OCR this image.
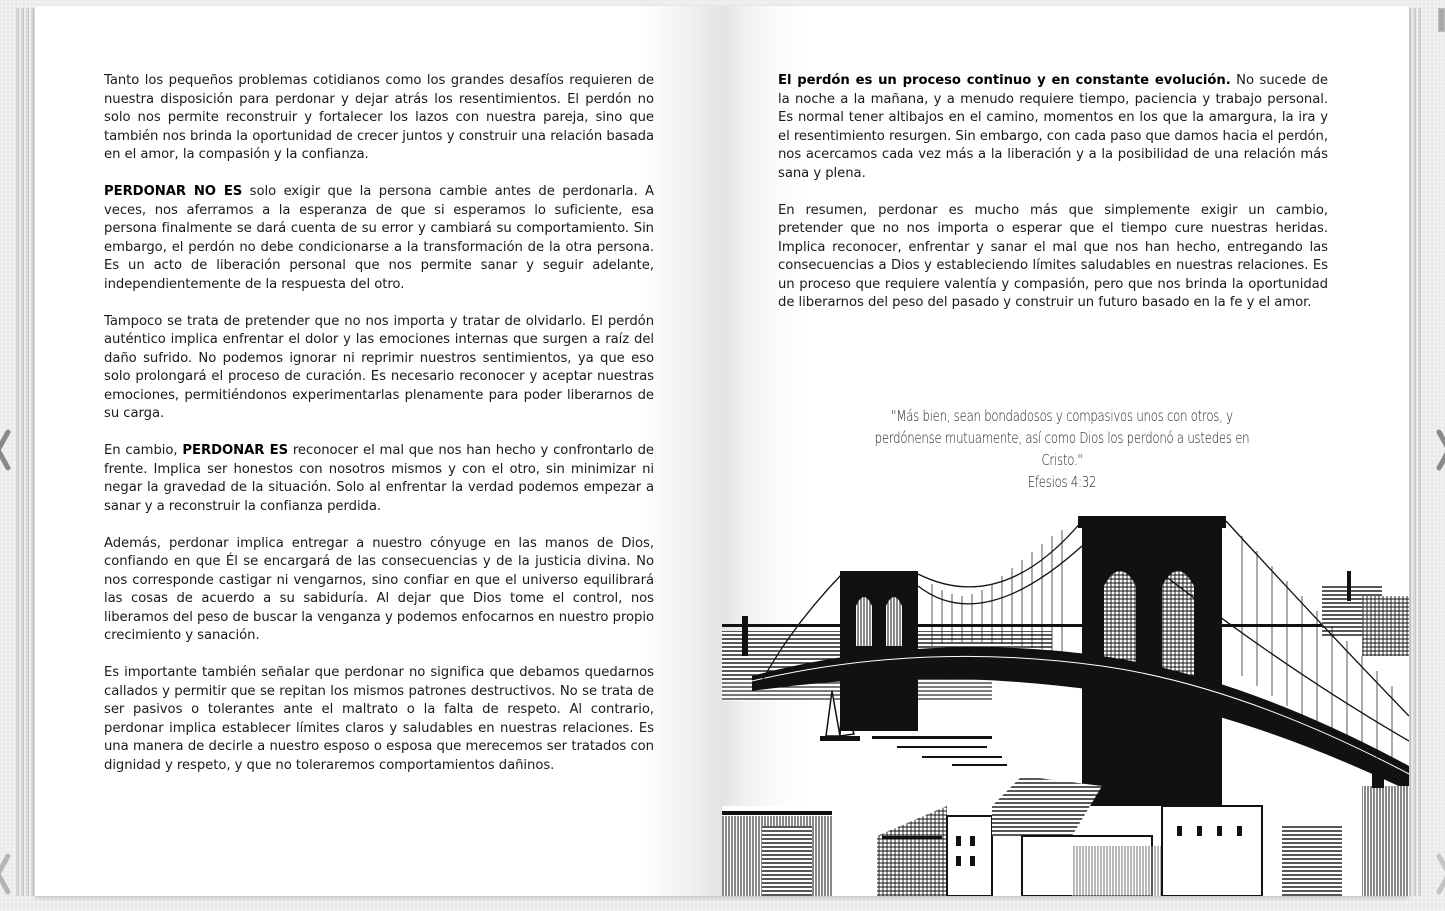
Tanto los pequeños problemas cotidianos como los grandes desafíos requieren de nuestra disposición para perdonar y dejar atrás los resentimientos. El perdón no solo nos permite reconstruir y fortalecer los lazos con nuestra pareja, sino que también nos brinda la oportunidad de crecer juntos y construir una relación basada en el amor, la compasión y la confianza.

PERDONAR NO ES solo exigir que la persona cambie antes de perdonarla. A veces, nos aferramos a la esperanza de que si esperamos lo suficiente, esa persona finalmente se dará cuenta de su error y cambiará su comportamiento. Sin embargo, el perdón no debe condicionarse a la transformación de la otra persona. Es un acto de liberación personal que nos permite sanar y seguir adelante, independientemente de la respuesta del otro.

Tampoco se trata de pretender que no nos importa y tratar de olvidarlo. El perdón auténtico implica enfrentar el dolor y las emociones internas que surgen a raíz del daño sufrido. No podemos ignorar ni reprimir nuestros sentimientos, ya que eso solo prolongará el proceso de curación. Es necesario reconocer y aceptar nuestras emociones, permitiéndonos experimentarlas plenamente para poder liberarnos de su carga.

En cambio, PERDONAR ES reconocer el mal que nos han hecho y confrontarlo de frente. Implica ser honestos con nosotros mismos y con el otro, sin minimizar ni negar la gravedad de la situación. Solo al enfrentar la verdad podemos empezar a sanar y a reconstruir la confianza perdida.

Además, perdonar implica entregar a nuestro cónyuge en las manos de Dios, confiando en que Él se encargará de las consecuencias y de la justicia divina. No nos corresponde castigar ni vengarnos, sino confiar en que el universo equilibrará las cosas de acuerdo a su sabiduría. Al dejar que Dios tome el control, nos liberamos del peso de buscar la venganza y podemos enfocarnos en nuestro propio crecimiento y sanación.

Es importante también señalar que perdonar no significa que debamos quedarnos callados y permitir que se repitan los mismos patrones destructivos. No se trata de ser pasivos o tolerantes ante el maltrato o la falta de respeto. Al contrario, perdonar implica establecer límites claros y saludables en nuestras relaciones. Es una manera de decirle a nuestro esposo o esposa que merecemos ser tratados con dignidad y respeto, y que no toleraremos comportamientos dañinos.

El perdón es un proceso continuo y en constante evolución. No sucede de la noche a la mañana, y a menudo requiere tiempo, paciencia y trabajo personal. Es normal tener altibajos en el camino, momentos en los que la amargura, la ira y el resentimiento resurgen. Sin embargo, con cada paso que damos hacia el perdón, nos acercamos cada vez más a la liberación y a la posibilidad de una relación más sana y plena.

En resumen, perdonar es mucho más que simplemente exigir un cambio, pretender que no nos importa o esperar que el tiempo cure nuestras heridas. Implica reconocer, enfrentar y sanar el mal que nos han hecho, entregando las consecuencias a Dios y estableciendo límites saludables en nuestras relaciones. Es un proceso que requiere valentía y compasión, pero que nos brinda la oportunidad de liberarnos del peso del pasado y construir un futuro basado en la fe y el amor.

"Más bien, sean bondadosos y compasivos unos con otros, y perdónense mutuamente, así como Dios los perdonó a ustedes en Cristo."
Efesios 4:32
